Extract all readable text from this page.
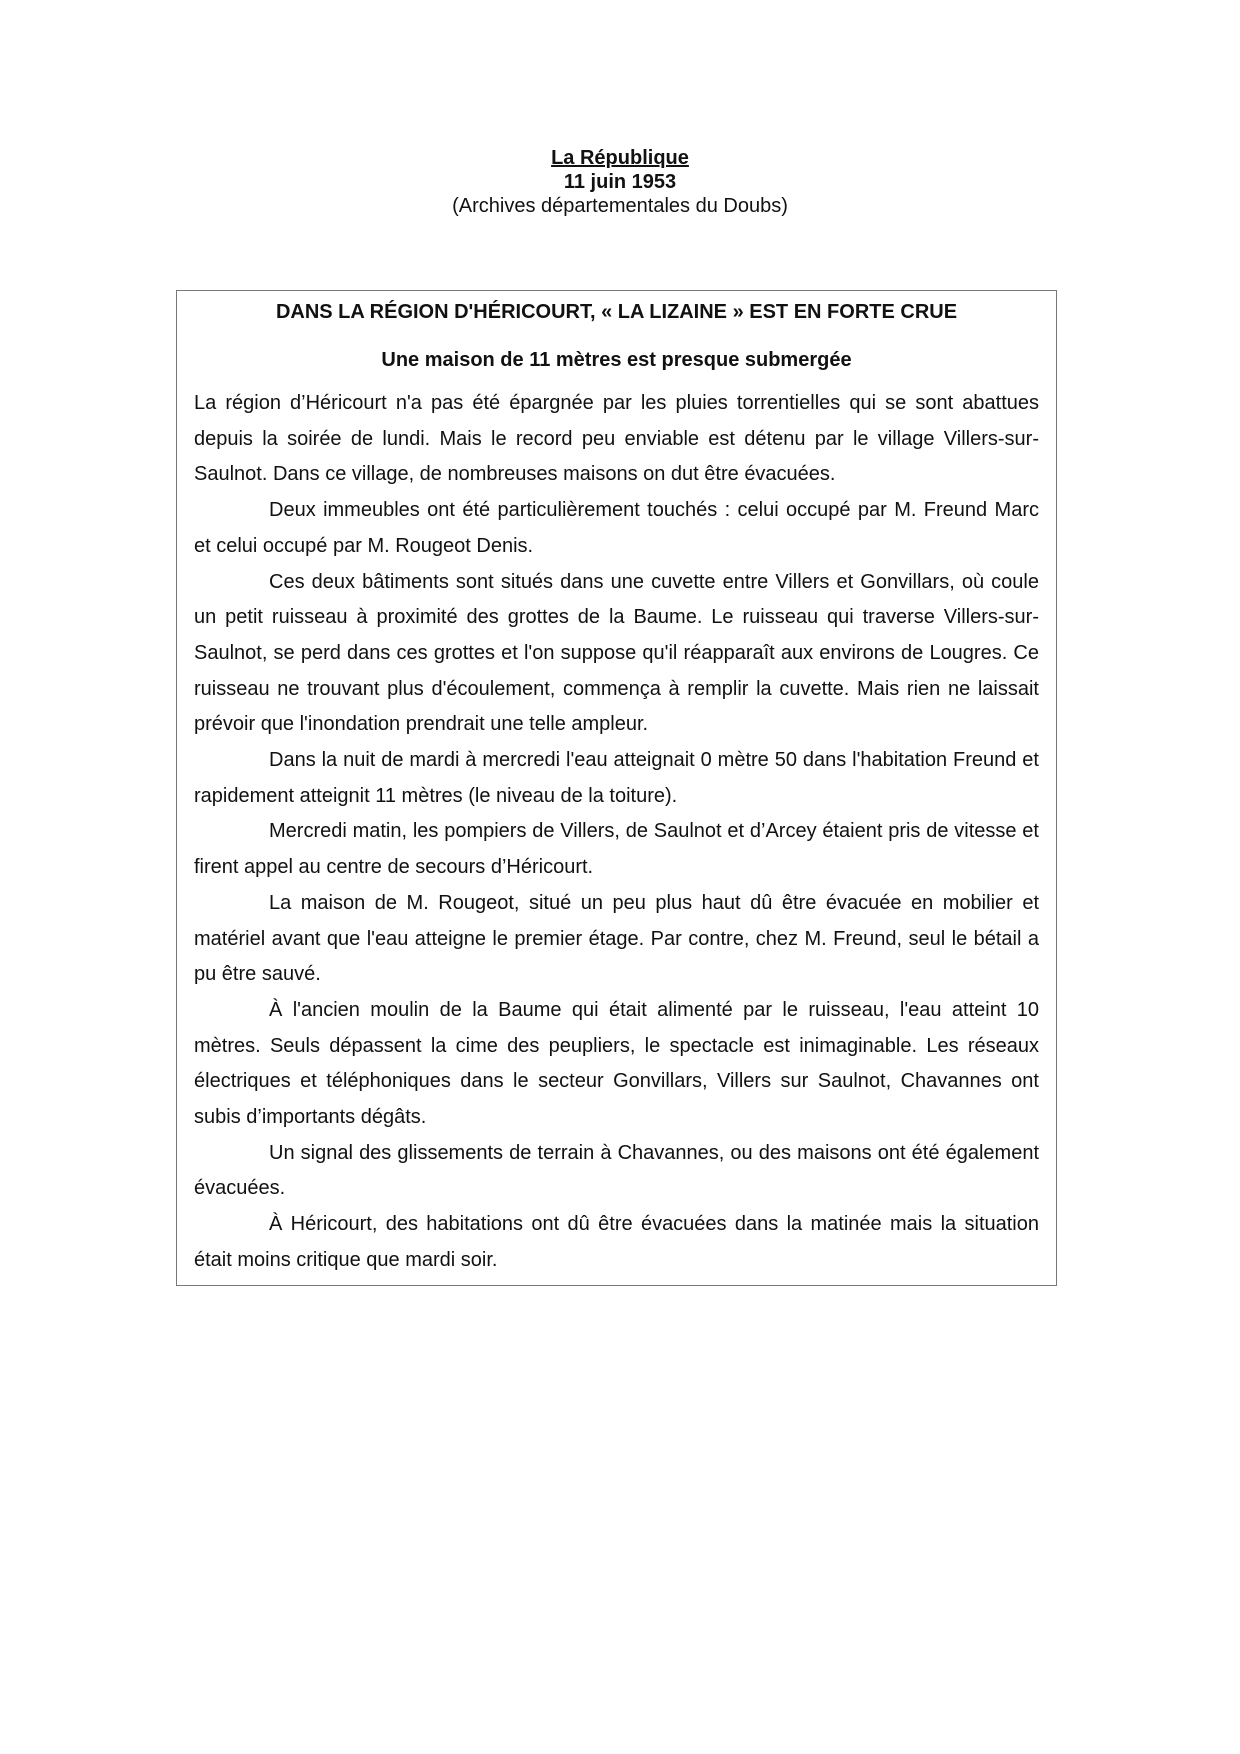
La République
11 juin 1953
(Archives départementales du Doubs)
DANS LA RÉGION D'HÉRICOURT, « LA LIZAINE » EST EN FORTE CRUE
Une maison de 11 mètres est presque submergée

La région d’Héricourt n'a pas été épargnée par les pluies torrentielles qui se sont abattues depuis la soirée de lundi. Mais le record peu enviable est détenu par le village Villers-sur-Saulnot. Dans ce village, de nombreuses maisons on dut être évacuées.

Deux immeubles ont été particulièrement touchés : celui occupé par M. Freund Marc et celui occupé par M. Rougeot Denis.

Ces deux bâtiments sont situés dans une cuvette entre Villers et Gonvillars, où coule un petit ruisseau à proximité des grottes de la Baume. Le ruisseau qui traverse Villers-sur-Saulnot, se perd dans ces grottes et l'on suppose qu'il réapparaît aux environs de Lougres. Ce ruisseau ne trouvant plus d'écoulement, commença à remplir la cuvette. Mais rien ne laissait prévoir que l'inondation prendrait une telle ampleur.

Dans la nuit de mardi à mercredi l'eau atteignait 0 mètre 50 dans l'habitation Freund et rapidement atteignit 11 mètres (le niveau de la toiture).

Mercredi matin, les pompiers de Villers, de Saulnot et d’Arcey étaient pris de vitesse et firent appel au centre de secours d’Héricourt.

La maison de M. Rougeot, situé un peu plus haut dû être évacuée en mobilier et matériel avant que l'eau atteigne le premier étage. Par contre, chez M. Freund, seul le bétail a pu être sauvé.

À l'ancien moulin de la Baume qui était alimenté par le ruisseau, l'eau atteint 10 mètres. Seuls dépassent la cime des peupliers, le spectacle est inimaginable. Les réseaux électriques et téléphoniques dans le secteur Gonvillars, Villers sur Saulnot, Chavannes ont subis d’importants dégâts.

Un signal des glissements de terrain à Chavannes, ou des maisons ont été également évacuées.

À Héricourt, des habitations ont dû être évacuées dans la matinée mais la situation était moins critique que mardi soir.
